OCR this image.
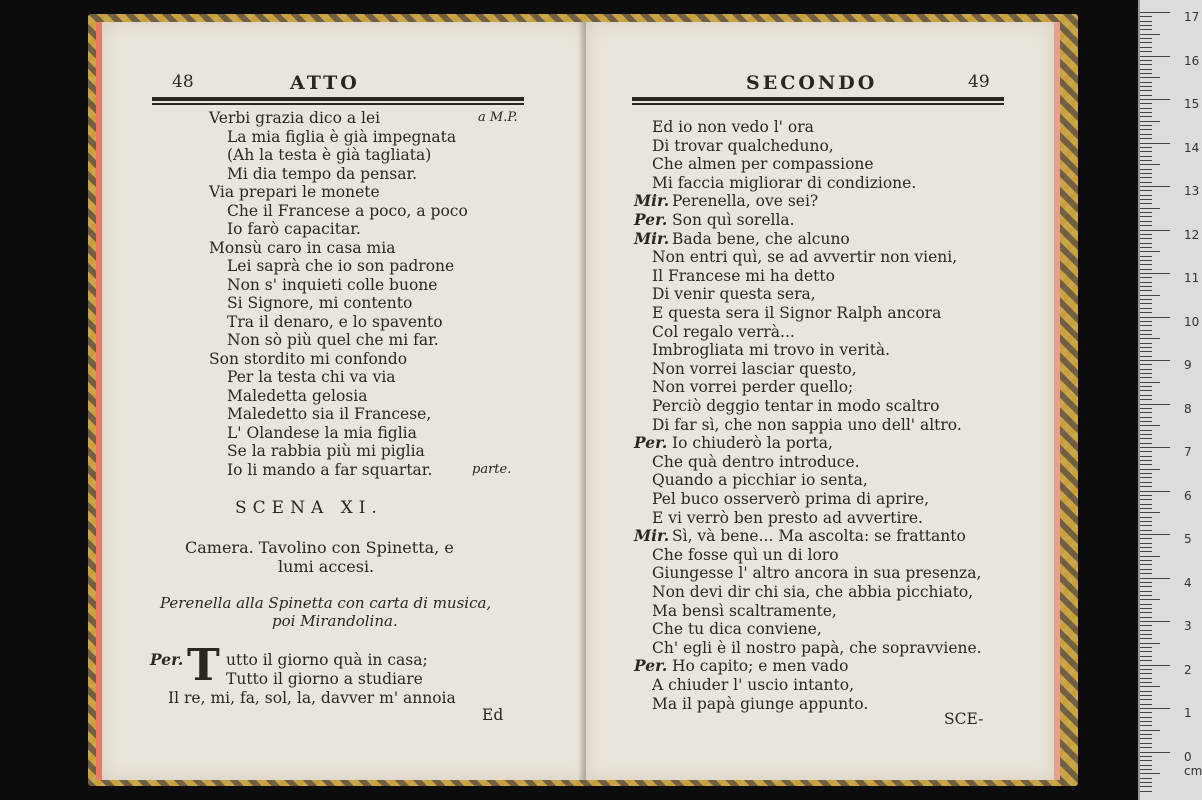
48	ATTO
Verbi grazia dico a lei	a M.P.
La mia figlia è già impegnata
(Ah la testa è già tagliata)
Mi dia tempo da pensar.
Via prepari le monete
Che il Francese a poco, a poco
Io farò capacitar.
Monsù caro in casa mia
Lei saprà che io son padrone
Non s' inquieti colle buone
Si Signore, mi contento
Tra il denaro, e lo spavento
Non sò più quel che mi far.
Son stordito mi confondo
Per la testa chi va via
Maledetta gelosia
Maledetto sia il Francese,
L' Olandese la mia figlia
Se la rabbia più mi piglia
Io li mando a far squartar.	parte.
SCENA XI.
Camera. Tavolino con Spinetta, e
lumi accesi.
Perenella alla Spinetta con carta di musica,
poi Mirandolina.
Per. T utto il giorno quà in casa;
Tutto il giorno a studiare
Il re, mi, fa, sol, la, davver m' annoia
Ed
SECONDO	49
Ed io non vedo l' ora
Di trovar qualcheduno,
Che almen per compassione
Mi faccia migliorar di condizione.
Mir. Perenella, ove sei?
Per. Son quì sorella.
Mir. Bada bene, che alcuno
Non entri quì, se ad avvertir non vieni,
Il Francese mi ha detto
Di venir questa sera,
E questa sera il Signor Ralph ancora
Col regalo verrà...
Imbrogliata mi trovo in verità.
Non vorrei lasciar questo,
Non vorrei perder quello;
Perciò deggio tentar in modo scaltro
Di far sì, che non sappia uno dell' altro.
Per. Io chiuderò la porta,
Che quà dentro introduce.
Quando a picchiar io senta,
Pel buco osserverò prima di aprire,
E vi verrò ben presto ad avvertire.
Mir. Sì, và bene... Ma ascolta: se frattanto
Che fosse quì un di loro
Giungesse l' altro ancora in sua presenza,
Non devi dir chi sia, che abbia picchiato,
Ma bensì scaltramente,
Che tu dica conviene,
Ch' egli è il nostro papà, che sopravviene.
Per. Ho capito; e men vado
A chiuder l' uscio intanto,
Ma il papà giunge appunto.
SCE-
17
16
15
14
13
12
11
10
9
8
7
6
5
4
3
2
1
0 cm
